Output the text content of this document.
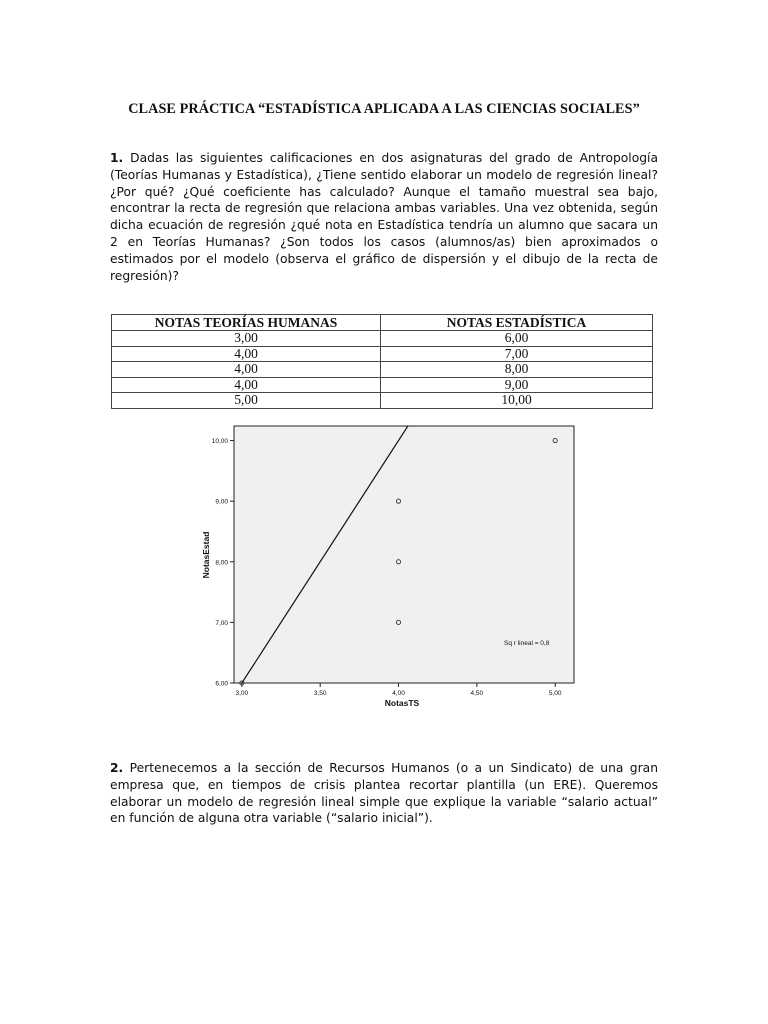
CLASE PRÁCTICA “ESTADÍSTICA APLICADA A LAS CIENCIAS SOCIALES”
1. Dadas las siguientes calificaciones en dos asignaturas del grado de Antropología (Teorías Humanas y Estadística), ¿Tiene sentido elaborar un modelo de regresión lineal? ¿Por qué? ¿Qué coeficiente has calculado? Aunque el tamaño muestral sea bajo, encontrar la recta de regresión que relaciona ambas variables. Una vez obtenida, según dicha ecuación de regresión ¿qué nota en Estadística tendría un alumno que sacara un 2 en Teorías Humanas? ¿Son todos los casos (alumnos/as) bien aproximados o estimados por el modelo (observa el gráfico de dispersión y el dibujo de la recta de regresión)?
NOTAS TEORÍAS HUMANAS	NOTAS ESTADÍSTICA
3,00	6,00
4,00	7,00
4,00	8,00
4,00	9,00
5,00	10,00
6,00
7,00
8,00
9,00
10,00
3,00	3,50	4,00	4,50	5,00
Sq r lineal = 0,8
NotasTS
NotasEstad
2. Pertenecemos a la sección de Recursos Humanos (o a un Sindicato) de una gran empresa que, en tiempos de crisis plantea recortar plantilla (un ERE). Queremos elaborar un modelo de regresión lineal simple que explique la variable “salario actual” en función de alguna otra variable (“salario inicial”).
